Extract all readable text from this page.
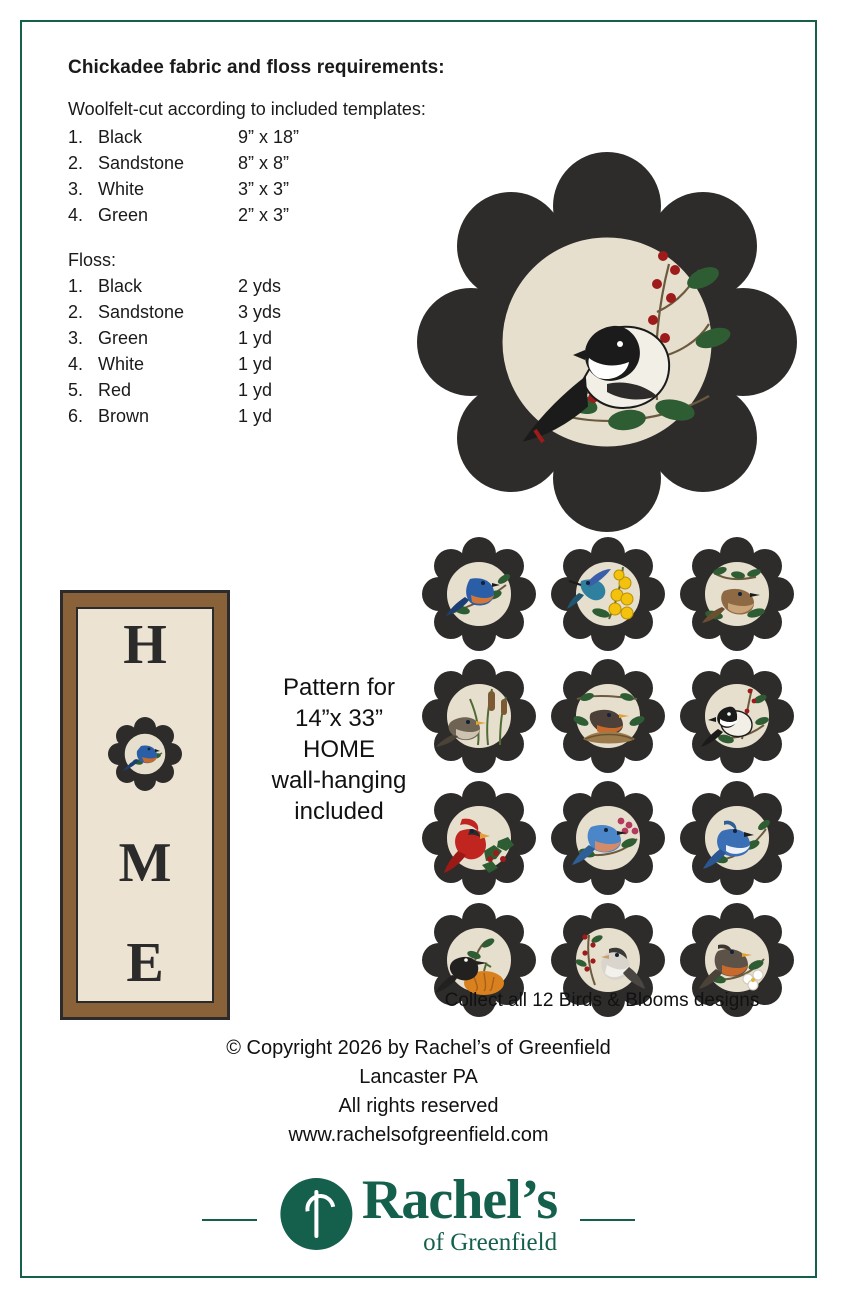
Chickadee fabric and floss requirements:
Woolfelt-cut according to included templates:
1. Black	9” x 18”
2. Sandstone	8” x 8”
3. White	3” x 3”
4. Green	2” x 3”
Floss:
1. Black	2 yds
2. Sandstone	3 yds
3. Green	1 yd
4. White	1 yd
5. Red	1 yd
6. Brown	1 yd
H
M
E
Pattern for
14”x 33”
HOME
wall-hanging
included
Collect all 12 Birds & Blooms designs
© Copyright 2026 by Rachel’s of Greenfield
Lancaster PA
All rights reserved
www.rachelsofgreenfield.com
Rachel’s
of Greenfield
